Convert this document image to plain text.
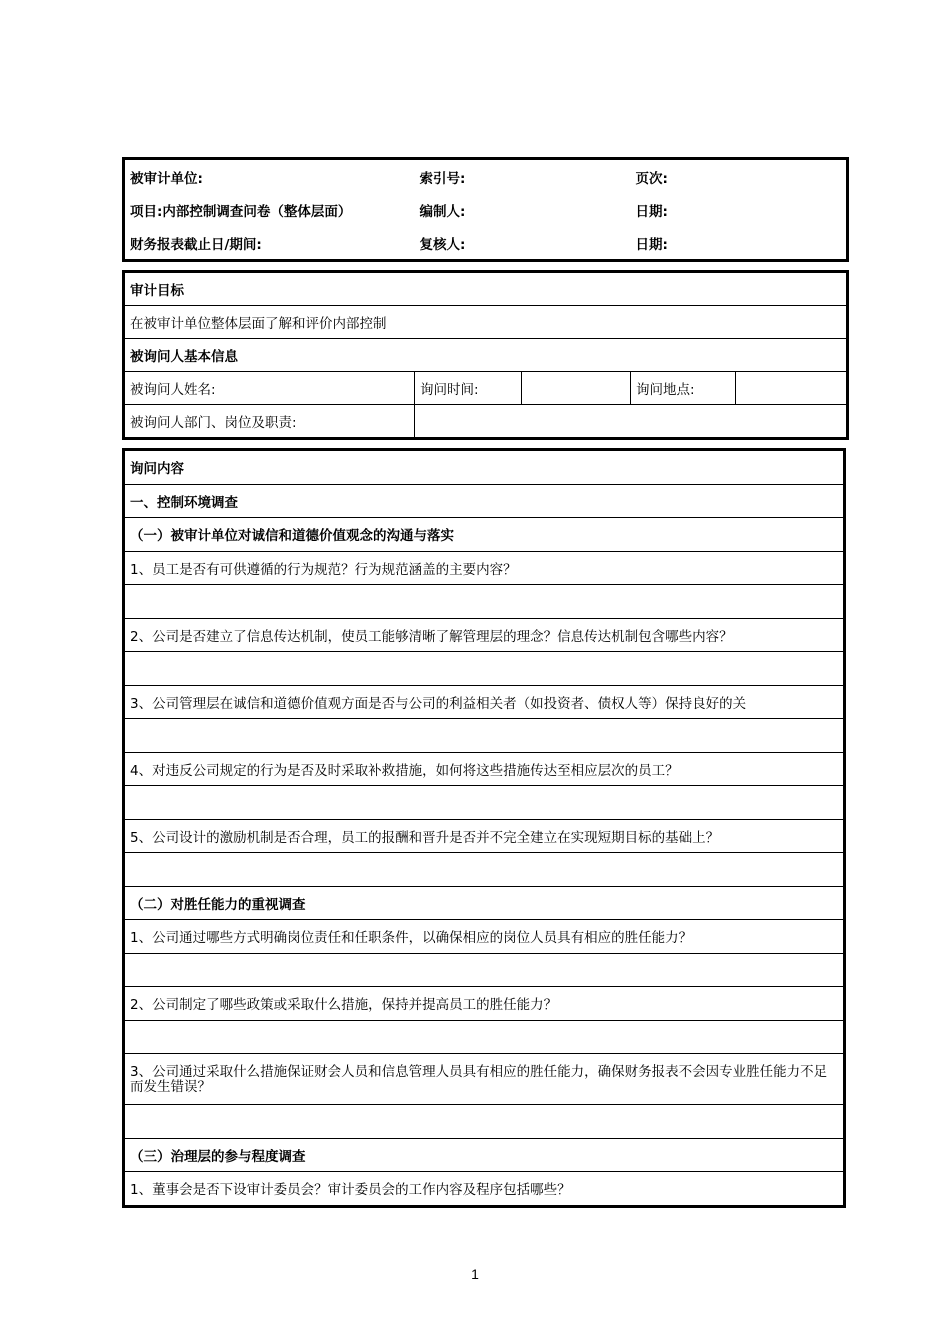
被审计单位:	索引号:	页次:
项目:内部控制调查问卷（整体层面）	编制人:	日期:
财务报表截止日/期间:	复核人:	日期:
审计目标				
在被审计单位整体层面了解和评价内部控制				
被询问人基本信息				
被询问人姓名:	询问时间:		询问地点:	
被询问人部门、岗位及职责:				
询问内容
一、控制环境调查
（一）被审计单位对诚信和道德价值观念的沟通与落实
1、员工是否有可供遵循的行为规范？行为规范涵盖的主要内容？

2、公司是否建立了信息传达机制，使员工能够清晰了解管理层的理念？信息传达机制包含哪些内容？

3、公司管理层在诚信和道德价值观方面是否与公司的利益相关者（如投资者、债权人等）保持良好的关

4、对违反公司规定的行为是否及时采取补救措施，如何将这些措施传达至相应层次的员工？

5、公司设计的激励机制是否合理，员工的报酬和晋升是否并不完全建立在实现短期目标的基础上？

（二）对胜任能力的重视调查
1、公司通过哪些方式明确岗位责任和任职条件，以确保相应的岗位人员具有相应的胜任能力？

2、公司制定了哪些政策或采取什么措施，保持并提高员工的胜任能力？

3、公司通过采取什么措施保证财会人员和信息管理人员具有相应的胜任能力，确保财务报表不会因专业胜任能力不足而发生错误？

（三）治理层的参与程度调查
1、董事会是否下设审计委员会？审计委员会的工作内容及程序包括哪些？
1
